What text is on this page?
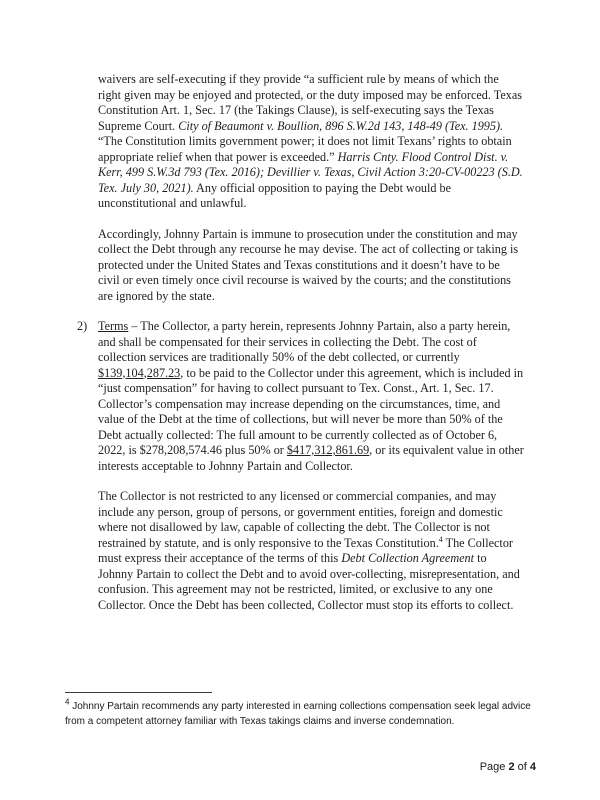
waivers are self-executing if they provide “a sufficient rule by means of which the right given may be enjoyed and protected, or the duty imposed may be enforced. Texas Constitution Art. 1, Sec. 17 (the Takings Clause), is self-executing says the Texas Supreme Court. City of Beaumont v. Boullion, 896 S.W.2d 143, 148-49 (Tex. 1995). “The Constitution limits government power; it does not limit Texans’ rights to obtain appropriate relief when that power is exceeded.” Harris Cnty. Flood Control Dist. v. Kerr, 499 S.W.3d 793 (Tex. 2016); Devillier v. Texas, Civil Action 3:20-CV-00223 (S.D. Tex. July 30, 2021). Any official opposition to paying the Debt would be unconstitutional and unlawful.

Accordingly, Johnny Partain is immune to prosecution under the constitution and may collect the Debt through any recourse he may devise. The act of collecting or taking is protected under the United States and Texas constitutions and it doesn’t have to be civil or even timely once civil recourse is waived by the courts; and the constitutions are ignored by the state.

2) Terms – The Collector, a party herein, represents Johnny Partain, also a party herein, and shall be compensated for their services in collecting the Debt. The cost of collection services are traditionally 50% of the debt collected, or currently $139,104,287.23, to be paid to the Collector under this agreement, which is included in “just compensation” for having to collect pursuant to Tex. Const., Art. 1, Sec. 17. Collector’s compensation may increase depending on the circumstances, time, and value of the Debt at the time of collections, but will never be more than 50% of the Debt actually collected: The full amount to be currently collected as of October 6, 2022, is $278,208,574.46 plus 50% or $417,312,861.69, or its equivalent value in other interests acceptable to Johnny Partain and Collector.

The Collector is not restricted to any licensed or commercial companies, and may include any person, group of persons, or government entities, foreign and domestic where not disallowed by law, capable of collecting the debt. The Collector is not restrained by statute, and is only responsive to the Texas Constitution.$^4$ The Collector must express their acceptance of the terms of this Debt Collection Agreement to Johnny Partain to collect the Debt and to avoid over-collecting, misrepresentation, and confusion. This agreement may not be restricted, limited, or exclusive to any one Collector. Once the Debt has been collected, Collector must stop its efforts to collect.

$^4$ Johnny Partain recommends any party interested in earning collections compensation seek legal advice from a competent attorney familiar with Texas takings claims and inverse condemnation.
Page 2 of 4
